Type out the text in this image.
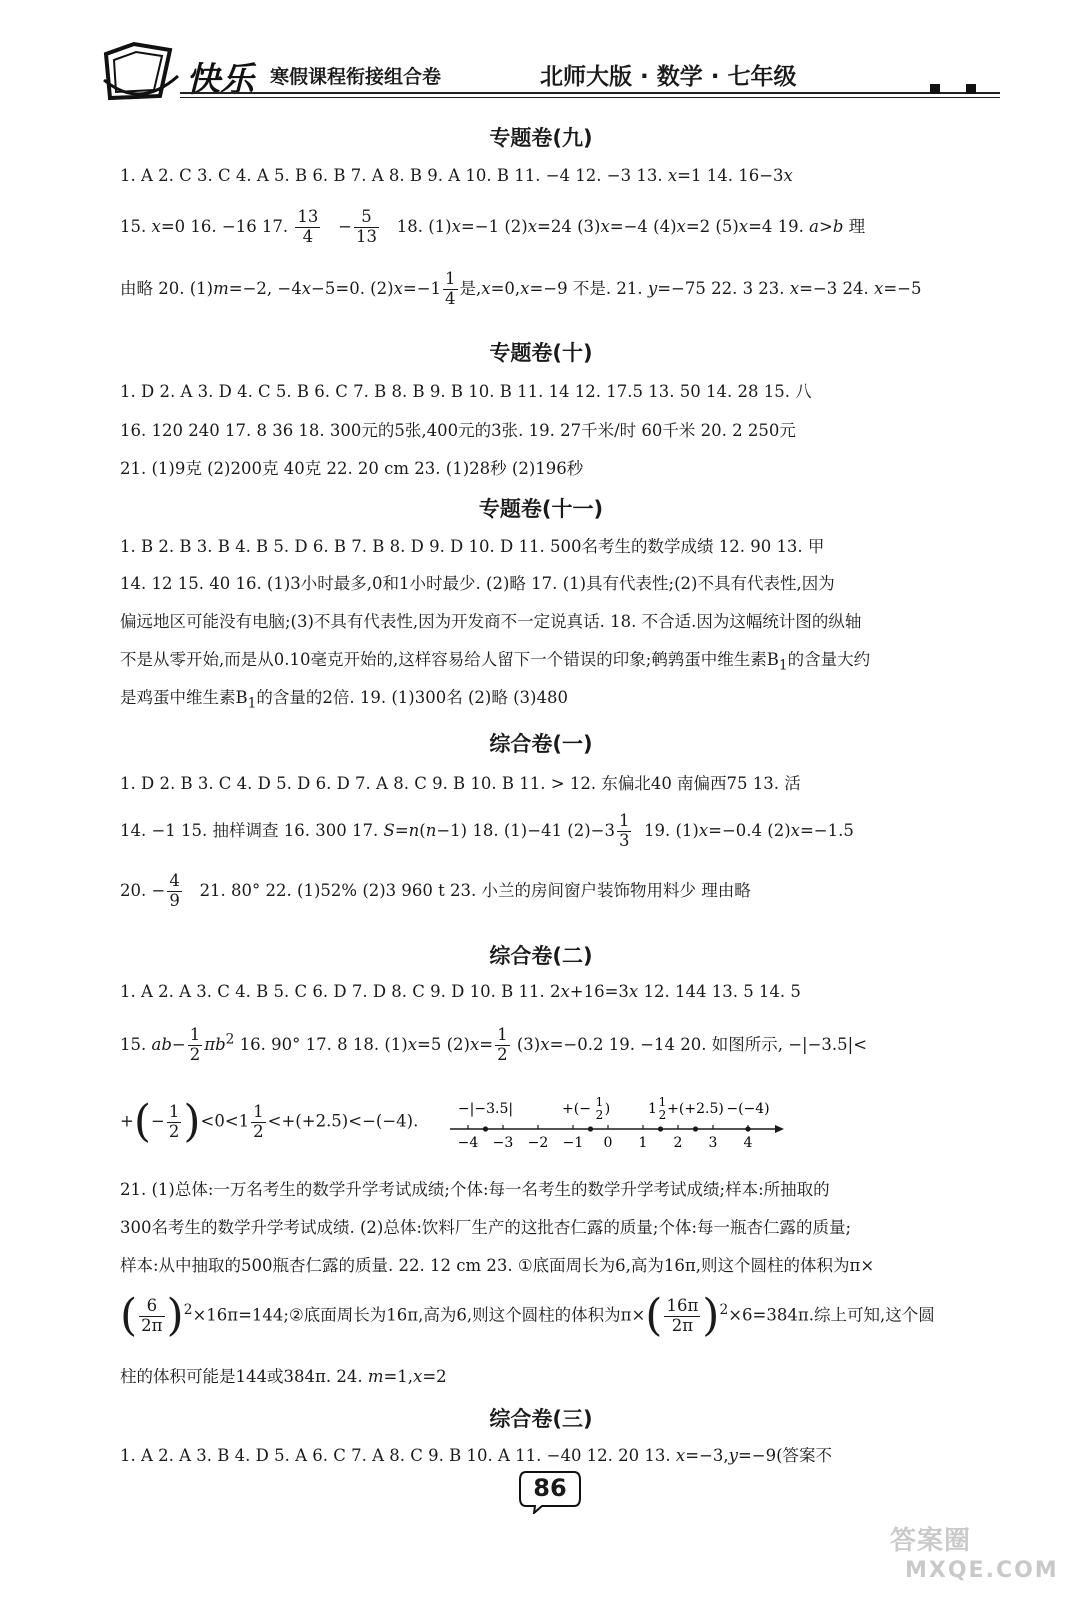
快乐 寒假课程衔接组合卷	北师大版 · 数学 · 七年级
专题卷(九)
1. A 2. C 3. C 4. A 5. B 6. B 7. A 8. B 9. A 10. B 11. −4 12. −3 13. x=1 14. 16−3x
15. x=0 16. −16 17. $\frac{13}{4} - \frac{5}{13} 18$. (1)x=−1 (2)x=24 (3)x=−4 (4)x=2 (5)x=4 19. a>b 理
由略 20. (1)m=−2, −4x−5=0. $(2)x=-1 \frac{1}{4}$ 是,x=0,x=−9 不是. 21. y=−75 22. 3 23. x=−3 24. x=−5
专题卷(十)
1. D 2. A 3. D 4. C 5. B 6. C 7. B 8. B 9. B 10. B 11. 14 12. 17.5 13. 50 14. 28 15. 八
16. 120 240 17. 8 36 18. 300元的5张,400元的3张. 19. 27千米/时 60千米 20. 2 250元
21. (1)9克 (2)200克 40克 22. 20 cm 23. (1)28秒 (2)196秒
专题卷(十一)
1. B 2. B 3. B 4. B 5. D 6. B 7. B 8. D 9. D 10. D 11. 500名考生的数学成绩 12. 90 13. 甲
14. 12 15. 40 16. (1)3小时最多,0和1小时最少. (2)略 17. (1)具有代表性;(2)不具有代表性,因为
偏远地区可能没有电脑;(3)不具有代表性,因为开发商不一定说真话. 18. 不合适.因为这幅统计图的纵轴
不是从零开始,而是从0.10毫克开始的,这样容易给人留下一个错误的印象;鹌鹑蛋中维生素$B_1$的含量大约
是鸡蛋中维生素$B_1$的含量的2倍. 19. (1)300名 (2)略 (3)480
综合卷(一)
1. D 2. B 3. C 4. D 5. D 6. D 7. A 8. C 9. B 10. B 11. > 12. 东偏北40 南偏西75 13. 活
14. −1 15. 抽样调查 16. 300 17. S=n(n−1) 18. (1)−41 $(2)-3 \frac{1}{3} 19$. (1)x=−0.4 (2)x=−1.5
20. − $\frac{4}{9} 21$. 80° 22. (1)52% (2)3 960 t 23. 小兰的房间窗户装饰物用料少 理由略
综合卷(二)
1. A 2. A 3. C 4. B 5. C 6. D 7. D 8. C 9. D 10. B 11. 2x+16=3x 12. 144 13. 5 14. 5
15. $ab- \frac{1}{2} \pi b^2$ 16. 90° 17. 8 18. (1)x=5 $(2)x= \frac{1}{2} (3)x=-0.2$ 19. −14 20. 如图所示, −|−3.5|<
+(− $\frac{1}{2} )<0<1 \frac{1}{2} <+(+2.5)<-(-4)$.
−4 −3 −2 −1 0 1 2 3 4
−|−3.5|	+(− 1
2 )	1 1
2 +(+2.5) −(−4)
21. (1)总体:一万名考生的数学升学考试成绩;个体:每一名考生的数学升学考试成绩;样本:所抽取的
300名考生的数学升学考试成绩. (2)总体:饮料厂生产的这批杏仁露的质量;个体:每一瓶杏仁露的质量;
样本:从中抽取的500瓶杏仁露的质量. 22. 12 cm 23. ①底面周长为6,高为16π,则这个圆柱的体积为π×
( $\frac{6}{2\pi}$ )$^2$×16π=144;②底面周长为16π,高为6,则这个圆柱的体积为$\pi\times( \frac{16\pi}{2\pi} )^2\times 6=384\pi$.综上可知,这个圆
柱的体积可能是144或384π. 24. m=1,x=2
综合卷(三)
1. A 2. A 3. B 4. D 5. A 6. C 7. A 8. C 9. B 10. A 11. −40 12. 20 13. x=−3,y=−9(答案不
86
答案圈
MXQE.COM
